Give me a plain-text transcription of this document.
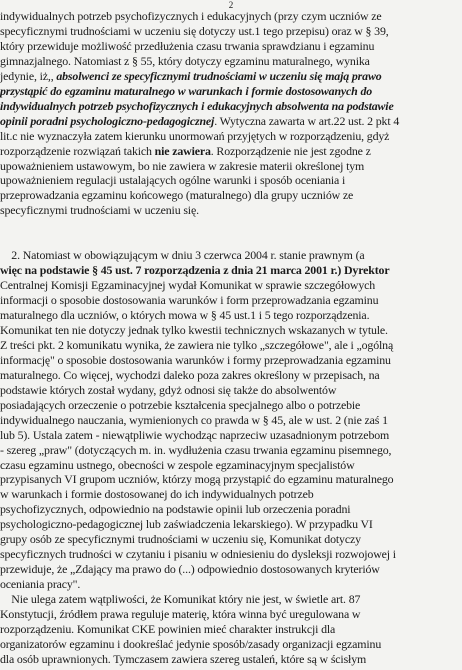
2
indywidualnych potrzeb psychofizycznych i edukacyjnych (przy czym uczniów ze
specyficznymi trudnościami w uczeniu się dotyczy ust.1 tego przepisu) oraz w § 39,
który przewiduje możliwość przedłużenia czasu trwania sprawdzianu i egzaminu
gimnazjalnego. Natomiast z § 55, który dotyczy egzaminu maturalnego, wynika
jedynie, iż,, absolwenci ze specyficznymi trudnościami w uczeniu się mają prawo
przystąpić do egzaminu maturalnego w warunkach i formie dostosowanych do
indywidualnych potrzeb psychofizycznych i edukacyjnych absolwenta na podstawie
opinii poradni psychologiczno-pedagogicznej. Wytyczna zawarta w art.22 ust. 2 pkt 4
lit.c nie wyznaczyła zatem kierunku unormowań przyjętych w rozporządzeniu, gdyż
rozporządzenie rozwiązań takich nie zawiera. Rozporządzenie nie jest zgodne z
upoważnieniem ustawowym, bo nie zawiera w zakresie materii określonej tym
upoważnieniem regulacji ustalających ogólne warunki i sposób oceniania i
przeprowadzania egzaminu końcowego (maturalnego) dla grupy uczniów ze
specyficznymi trudnościami w uczeniu się.
2. Natomiast w obowiązującym w dniu 3 czerwca 2004 r. stanie prawnym (a
więc na podstawie § 45 ust. 7 rozporządzenia z dnia 21 marca 2001 r.) Dyrektor
Centralnej Komisji Egzaminacyjnej wydał Komunikat w sprawie szczegółowych
informacji o sposobie dostosowania warunków i form przeprowadzania egzaminu
maturalnego dla uczniów, o których mowa w § 45 ust.1 i 5 tego rozporządzenia.
Komunikat ten nie dotyczy jednak tylko kwestii technicznych wskazanych w tytule.
Z treści pkt. 2 komunikatu wynika, że zawiera nie tylko „szczegółowe", ale i „ogólną
informację" o sposobie dostosowania warunków i formy przeprowadzania egzaminu
maturalnego. Co więcej, wychodzi daleko poza zakres określony w przepisach, na
podstawie których został wydany, gdyż odnosi się także do absolwentów
posiadających orzeczenie o potrzebie kształcenia specjalnego albo o potrzebie
indywidualnego nauczania, wymienionych co prawda w § 45, ale w ust. 2 (nie zaś 1
lub 5). Ustala zatem - niewątpliwie wychodząc naprzeciw uzasadnionym potrzebom
- szereg „praw" (dotyczących m. in. wydłużenia czasu trwania egzaminu pisemnego,
czasu egzaminu ustnego, obecności w zespole egzaminacyjnym specjalistów
przypisanych VI grupom uczniów, którzy mogą przystąpić do egzaminu maturalnego
w warunkach i formie dostosowanej do ich indywidualnych potrzeb
psychofizycznych, odpowiednio na podstawie opinii lub orzeczenia poradni
psychologiczno-pedagogicznej lub zaświadczenia lekarskiego). W przypadku VI
grupy osób ze specyficznymi trudnościami w uczeniu się, Komunikat dotyczy
specyficznych trudności w czytaniu i pisaniu w odniesieniu do dysleksji rozwojowej i
przewiduje, że „Zdający ma prawo do (...) odpowiednio dostosowanych kryteriów
oceniania pracy".
Nie ulega zatem wątpliwości, że Komunikat który nie jest, w świetle art. 87
Konstytucji, źródłem prawa reguluje materię, która winna być uregulowana w
rozporządzeniu. Komunikat CKE powinien mieć charakter instrukcji dla
organizatorów egzaminu i dookreślać jedynie sposób/zasady organizacji egzaminu
dla osób uprawnionych. Tymczasem zawiera szereg ustaleń, które są w ścisłym
